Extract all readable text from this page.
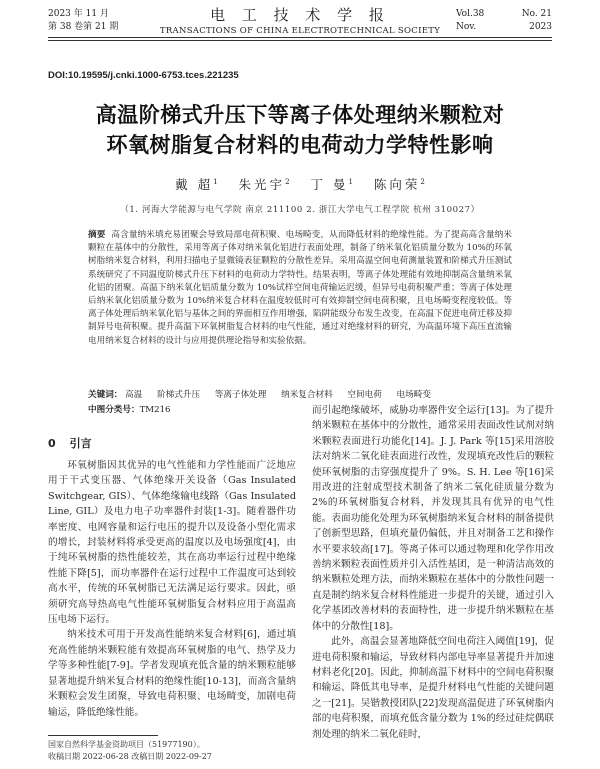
2023 年 11 月
第 38 卷第 21 期
电 工 技 术 学 报
TRANSACTIONS OF CHINA ELECTROTECHNICAL SOCIETY
Vol.38	No. 21
Nov.	2023
DOI:10.19595/j.cnki.1000-6753.tces.221235
高温阶梯式升压下等离子体处理纳米颗粒对
环氧树脂复合材料的电荷动力学特性影响
戴 超$^1$ 朱光宇$^2$ 丁 曼$^1$ 陈向荣$^2$
（1. 河海大学能源与电气学院 南京 211100 2. 浙江大学电气工程学院 杭州 310027）
摘要 高含量纳米填充易团聚会导致局部电荷积聚、电场畸变，从而降低材料的绝缘性能。为了提高高含量纳米颗粒在基体中的分散性，采用等离子体对纳米氧化铝进行表面处理，制备了纳米氧化铝质量分数为 10%的环氧树脂纳米复合材料，利用扫描电子显微镜表征颗粒的分散性差异。采用高温空间电荷测量装置和阶梯式升压测试系统研究了不同温度阶梯式升压下材料的电荷动力学特性。结果表明，等离子体处理能有效地抑制高含量纳米氧化铝的团聚。高温下纳米氧化铝质量分数为 10%试样空间电荷输运迟缓，但异号电荷积聚严重；等离子体处理后纳米氧化铝质量分数为 10%纳米复合材料在温度较低时可有效抑制空间电荷积聚，且电场畸变程度较低。等离子体处理后纳米氧化铝与基体之间的界面相互作用增强，陷阱能级分布发生改变，在高温下促进电荷迁移及抑制异号电荷积聚。提升高温下环氧树脂复合材料的电气性能，通过对绝缘材料的研究，为高温环境下高压直流输电用纳米复合材料的设计与应用提供理论指导和实验依据。
关键词： 高温 阶梯式升压 等离子体处理 纳米复合材料 空间电荷 电场畸变
中图分类号：TM216
0 引言

环氧树脂因其优异的电气性能和力学性能而广泛地应用于干式变压器、气体绝缘开关设备（Gas Insulated Switchgear, GIS）、气体绝缘输电线路（Gas Insulated Line, GIL）及电力电子功率器件封装[1-3]。随着器件功率密度、电网容量和运行电压的提升以及设备小型化需求的增长，封装材料将承受更高的温度以及电场强度[4]，由于纯环氧树脂的热性能较差，其在高功率运行过程中绝缘性能下降[5]，而功率器件在运行过程中工作温度可达到较高水平，传统的环氧树脂已无法满足运行要求。因此，亟须研究高导热高电气性能环氧树脂复合材料应用于高温高压电场下运行。

纳米技术可用于开发高性能纳米复合材料[6]，通过填充高性能纳米颗粒能有效提高环氧树脂的电气、热学及力学等多种性能[7-9]。学者发现填充低含量的纳米颗粒能够显著地提升纳米复合材料的绝缘性能[10-13]，而高含量纳米颗粒会发生团聚，导致电荷积聚、电场畸变，加剧电荷输运，降低绝缘性能。

而引起绝缘破坏，威胁功率器件安全运行[13]。为了提升纳米颗粒在基体中的分散性，通常采用表面改性试剂对纳米颗粒表面进行功能化[14]。J. J. Park 等[15]采用溶胶法对纳米二氧化硅表面进行改性，发现填充改性后的颗粒使环氧树脂的击穿强度提升了 9%。S. H. Lee 等[16]采用改进的注射成型技术制备了纳米二氧化硅质量分数为 2%的环氧树脂复合材料，并发现其具有优异的电气性能。表面功能化处理为环氧树脂纳米复合材料的制备提供了创新型思路，但填充量仍偏低，并且对制备工艺和操作水平要求较高[17]。等离子体可以通过物理和化学作用改善纳米颗粒表面性质并引入活性基团，是一种清洁高效的纳米颗粒处理方法，而纳米颗粒在基体中的分散性问题一直是制约纳米复合材料性能进一步提升的关键，通过引入化学基团改善材料的表面特性，进一步提升纳米颗粒在基体中的分散性[18]。

此外，高温会显著地降低空间电荷注入阈值[19]，促进电荷积聚和输运，导致材料内部电导率显著提升并加速材料老化[20]。因此，抑制高温下材料中的空间电荷积聚和输运、降低其电导率，是提升材料电气性能的关键问题之一[21]。吴锴教授团队[22]发现高温促进了环氧树脂内部的电荷积聚，而填充低含量分数为 1%的经过硅烷偶联剂处理的纳米二氧化硅时，

国家自然科学基金资助项目（51977190）。
收稿日期 2022-06-28 改稿日期 2022-09-27
